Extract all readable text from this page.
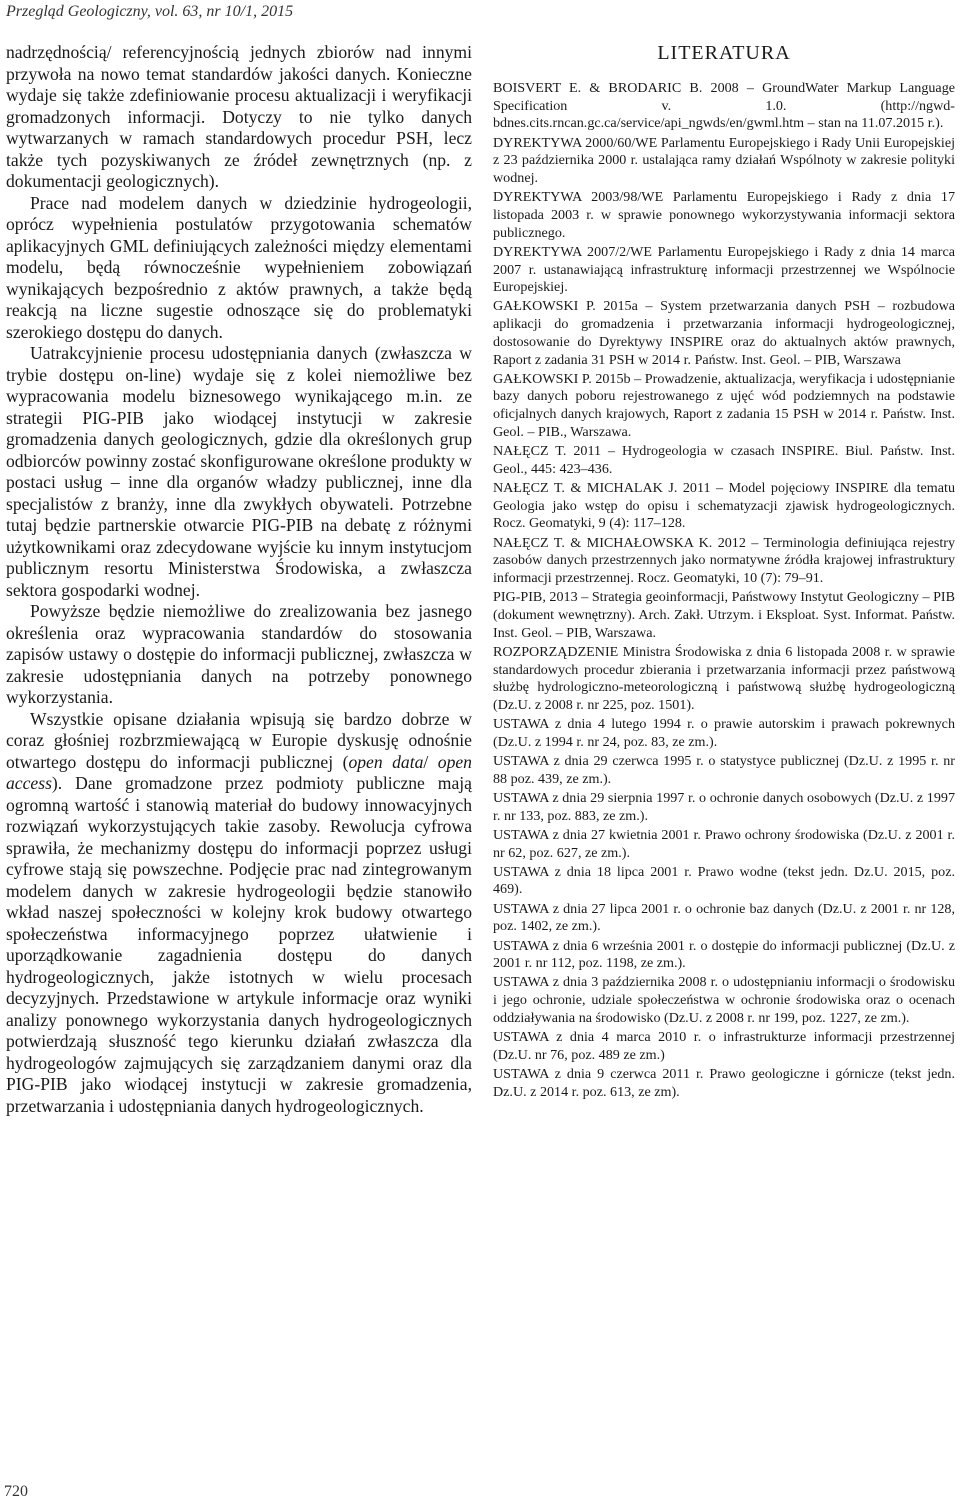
Przegląd Geologiczny, vol. 63, nr 10/1, 2015

nadrzędnością/ referencyjnością jednych zbiorów nad innymi przywoła na nowo temat standardów jakości danych. Konieczne wydaje się także zdefiniowanie procesu aktualizacji i weryfikacji gromadzonych informacji. Dotyczy to nie tylko danych wytwarzanych w ramach standardowych procedur PSH, lecz także tych pozyskiwanych ze źródeł zewnętrznych (np. z dokumentacji geologicznych).

Prace nad modelem danych w dziedzinie hydrogeologii, oprócz wypełnienia postulatów przygotowania schematów aplikacyjnych GML definiujących zależności między elementami modelu, będą równocześnie wypełnieniem zobowiązań wynikających bezpośrednio z aktów prawnych, a także będą reakcją na liczne sugestie odnoszące się do problematyki szerokiego dostępu do danych.

Uatrakcyjnienie procesu udostępniania danych (zwłaszcza w trybie dostępu on-line) wydaje się z kolei niemożliwe bez wypracowania modelu biznesowego wynikającego m.in. ze strategii PIG-PIB jako wiodącej instytucji w zakresie gromadzenia danych geologicznych, gdzie dla określonych grup odbiorców powinny zostać skonfigurowane określone produkty w postaci usług – inne dla organów władzy publicznej, inne dla specjalistów z branży, inne dla zwykłych obywateli. Potrzebne tutaj będzie partnerskie otwarcie PIG-PIB na debatę z różnymi użytkownikami oraz zdecydowane wyjście ku innym instytucjom publicznym resortu Ministerstwa Środowiska, a zwłaszcza sektora gospodarki wodnej.

Powyższe będzie niemożliwe do zrealizowania bez jasnego określenia oraz wypracowania standardów do stosowania zapisów ustawy o dostępie do informacji publicznej, zwłaszcza w zakresie udostępniania danych na potrzeby ponownego wykorzystania.

Wszystkie opisane działania wpisują się bardzo dobrze w coraz głośniej rozbrzmiewającą w Europie dyskusję odnośnie otwartego dostępu do informacji publicznej (open data/ open access). Dane gromadzone przez podmioty publiczne mają ogromną wartość i stanowią materiał do budowy innowacyjnych rozwiązań wykorzystujących takie zasoby. Rewolucja cyfrowa sprawiła, że mechanizmy dostępu do informacji poprzez usługi cyfrowe stają się powszechne. Podjęcie prac nad zintegrowanym modelem danych w zakresie hydrogeologii będzie stanowiło wkład naszej społeczności w kolejny krok budowy otwartego społeczeństwa informacyjnego poprzez ułatwienie i uporządkowanie zagadnienia dostępu do danych hydrogeologicznych, jakże istotnych w wielu procesach decyzyjnych. Przedstawione w artykule informacje oraz wyniki analizy ponownego wykorzystania danych hydrogeologicznych potwierdzają słuszność tego kierunku działań zwłaszcza dla hydrogeologów zajmujących się zarządzaniem danymi oraz dla PIG-PIB jako wiodącej instytucji w zakresie gromadzenia, przetwarzania i udostępniania danych hydrogeologicznych.

LITERATURA
BOISVERT E. & BRODARIC B. 2008 – GroundWater Markup Language Specification v. 1.0. (http://ngwd-bdnes.cits.rncan.gc.ca/service/api_ngwds/en/gwml.htm – stan na 11.07.2015 r.).
DYREKTYWA 2000/60/WE Parlamentu Europejskiego i Rady Unii Europejskiej z 23 października 2000 r. ustalająca ramy działań Wspólnoty w zakresie polityki wodnej.
DYREKTYWA 2003/98/WE Parlamentu Europejskiego i Rady z dnia 17 listopada 2003 r. w sprawie ponownego wykorzystywania informacji sektora publicznego.
DYREKTYWA 2007/2/WE Parlamentu Europejskiego i Rady z dnia 14 marca 2007 r. ustanawiającą infrastrukturę informacji przestrzennej we Wspólnocie Europejskiej.
GAŁKOWSKI P. 2015a – System przetwarzania danych PSH – rozbudowa aplikacji do gromadzenia i przetwarzania informacji hydrogeologicznej, dostosowanie do Dyrektywy INSPIRE oraz do aktualnych aktów prawnych, Raport z zadania 31 PSH w 2014 r. Państw. Inst. Geol. – PIB, Warszawa
GAŁKOWSKI P. 2015b – Prowadzenie, aktualizacja, weryfikacja i udostępnianie bazy danych poboru rejestrowanego z ujęć wód podziemnych na podstawie oficjalnych danych krajowych, Raport z zadania 15 PSH w 2014 r. Państw. Inst. Geol. – PIB., Warszawa.
NAŁĘCZ T. 2011 – Hydrogeologia w czasach INSPIRE. Biul. Państw. Inst. Geol., 445: 423–436.
NAŁĘCZ T. & MICHALAK J. 2011 – Model pojęciowy INSPIRE dla tematu Geologia jako wstęp do opisu i schematyzacji zjawisk hydrogeologicznych. Rocz. Geomatyki, 9 (4): 117–128.
NAŁĘCZ T. & MICHAŁOWSKA K. 2012 – Terminologia definiująca rejestry zasobów danych przestrzennych jako normatywne źródła krajowej infrastruktury informacji przestrzennej. Rocz. Geomatyki, 10 (7): 79–91.
PIG-PIB, 2013 – Strategia geoinformacji, Państwowy Instytut Geologiczny – PIB (dokument wewnętrzny). Arch. Zakł. Utrzym. i Eksploat. Syst. Informat. Państw. Inst. Geol. – PIB, Warszawa.
ROZPORZĄDZENIE Ministra Środowiska z dnia 6 listopada 2008 r. w sprawie standardowych procedur zbierania i przetwarzania informacji przez państwową służbę hydrologiczno-meteorologiczną i państwową służbę hydrogeologiczną (Dz.U. z 2008 r. nr 225, poz. 1501).
USTAWA z dnia 4 lutego 1994 r. o prawie autorskim i prawach pokrewnych (Dz.U. z 1994 r. nr 24, poz. 83, ze zm.).
USTAWA z dnia 29 czerwca 1995 r. o statystyce publicznej (Dz.U. z 1995 r. nr 88 poz. 439, ze zm.).
USTAWA z dnia 29 sierpnia 1997 r. o ochronie danych osobowych (Dz.U. z 1997 r. nr 133, poz. 883, ze zm.).
USTAWA z dnia 27 kwietnia 2001 r. Prawo ochrony środowiska (Dz.U. z 2001 r. nr 62, poz. 627, ze zm.).
USTAWA z dnia 18 lipca 2001 r. Prawo wodne (tekst jedn. Dz.U. 2015, poz. 469).
USTAWA z dnia 27 lipca 2001 r. o ochronie baz danych (Dz.U. z 2001 r. nr 128, poz. 1402, ze zm.).
USTAWA z dnia 6 września 2001 r. o dostępie do informacji publicznej (Dz.U. z 2001 r. nr 112, poz. 1198, ze zm.).
USTAWA z dnia 3 października 2008 r. o udostępnianiu informacji o środowisku i jego ochronie, udziale społeczeństwa w ochronie środowiska oraz o ocenach oddziaływania na środowisko (Dz.U. z 2008 r. nr 199, poz. 1227, ze zm.).
USTAWA z dnia 4 marca 2010 r. o infrastrukturze informacji przestrzennej (Dz.U. nr 76, poz. 489 ze zm.)
USTAWA z dnia 9 czerwca 2011 r. Prawo geologiczne i górnicze (tekst jedn. Dz.U. z 2014 r. poz. 613, ze zm).
720
